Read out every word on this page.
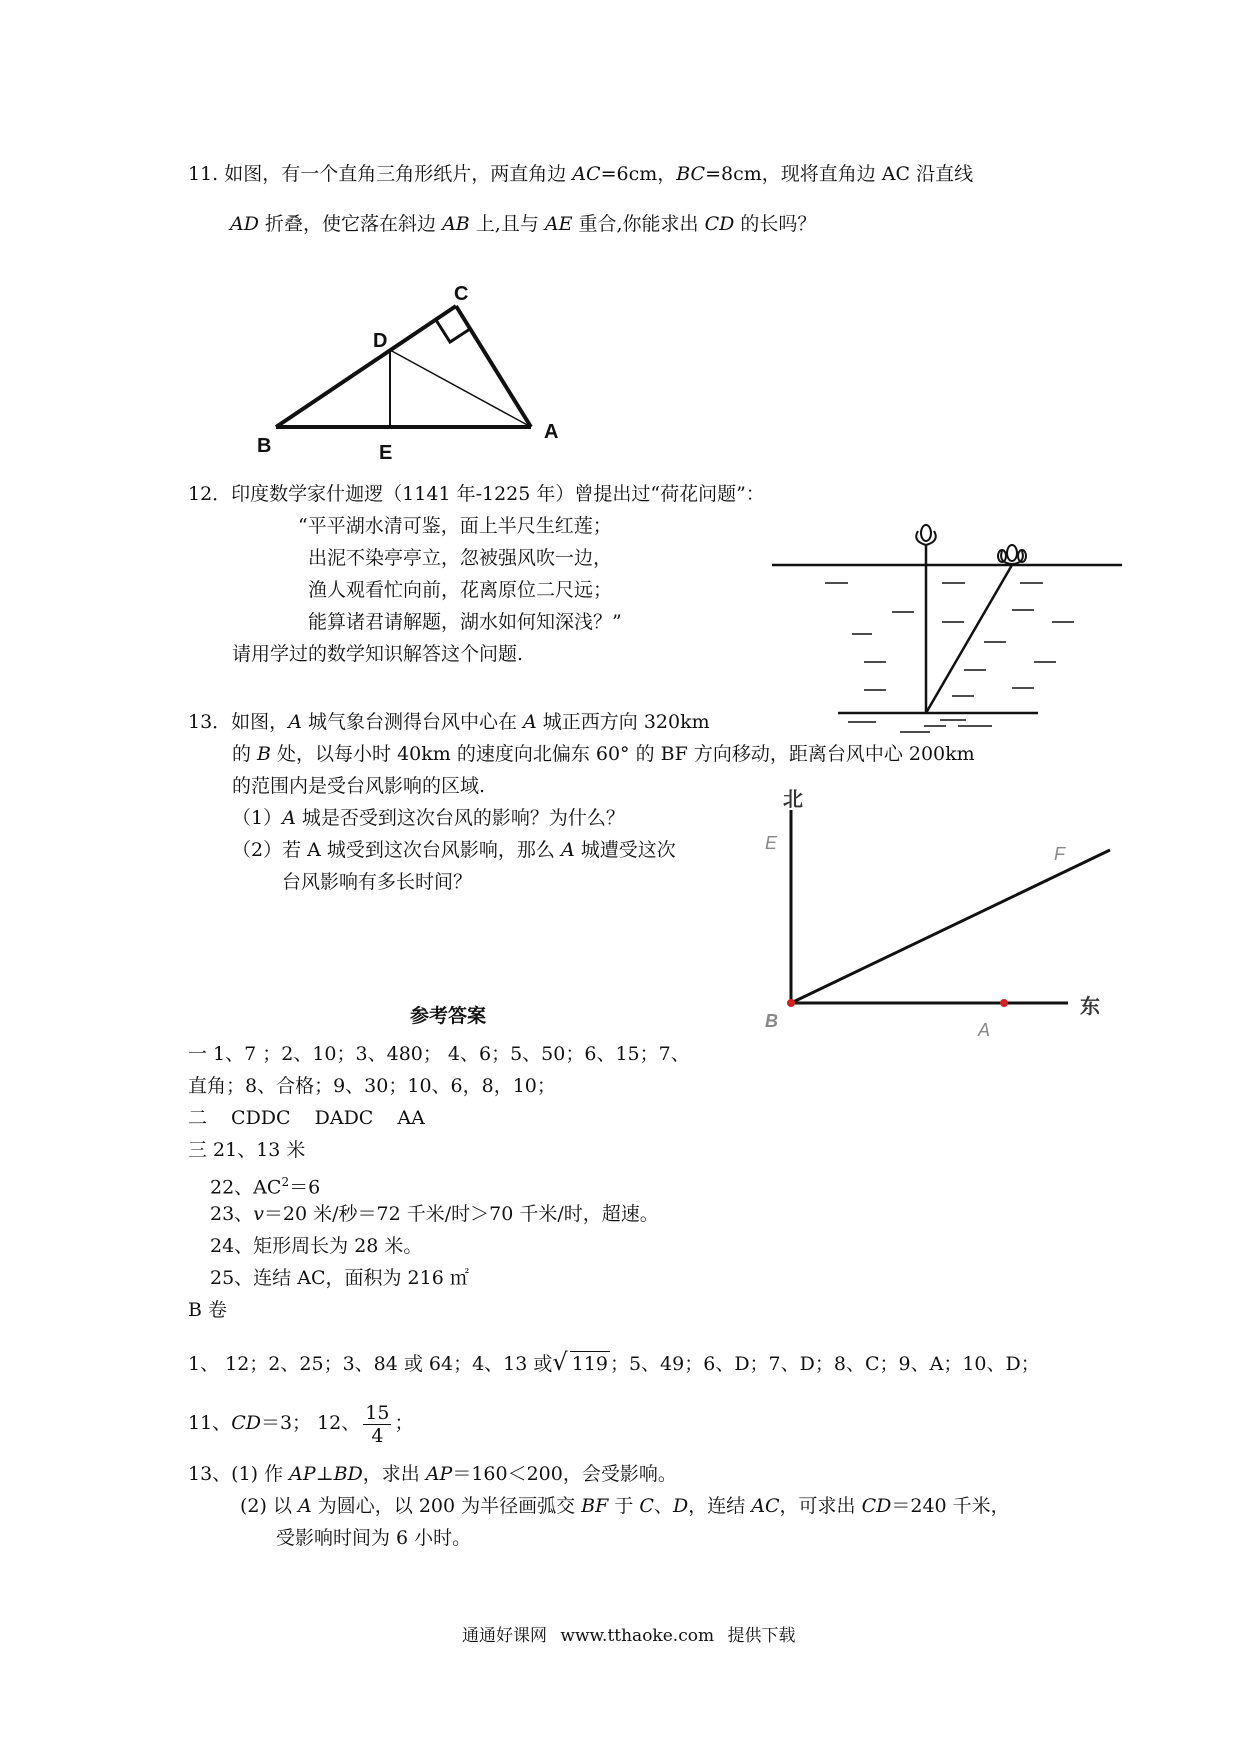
11. 如图，有一个直角三角形纸片，两直角边 AC=6cm，BC=8cm，现将直角边 AC 沿直线
AD 折叠，使它落在斜边 AB 上,且与 AE 重合,你能求出 CD 的长吗？
C
D
B	E
A
12．印度数学家什迦逻（1141 年-1225 年）曾提出过“荷花问题”：
“平平湖水清可鉴，面上半尺生红莲；
出泥不染亭亭立，忽被强风吹一边，
渔人观看忙向前，花离原位二尺远；
能算诸君请解题，湖水如何知深浅？”
请用学过的数学知识解答这个问题.
13．如图，A 城气象台测得台风中心在 A 城正西方向 320km
的 B 处，以每小时 40km 的速度向北偏东 60° 的 BF 方向移动，距离台风中心 200km
的范围内是受台风影响的区域.
（1）A 城是否受到这次台风的影响？为什么？
（2）若 A 城受到这次台风影响，那么 A 城遭受这次
台风影响有多长时间？
北
东
E
F
B	A
参考答案
一 1、7 ；2、10；3、480； 4、6；5、50；6、15；7、
直角；8、合格；9、30；10、6，8，10；
二 CDDC DADC AA
三 21、13 米
22、$AC^2=6$
23、v＝20 米/秒＝72 千米/时＞70 千米/时，超速。
24、矩形周长为 28 米。
25、连结 AC，面积为 216 ㎡
B 卷
1、 12；2、25；3、84 或 64；4、13 或√ 119 ；5、49；6、D；7、D；8、C；9、A；10、D；
11、CD＝3； 12、 $\frac{15}{4}$ ；
13、(1) 作 AP⊥BD，求出 AP＝160＜200，会受影响。
(2) 以 A 为圆心，以 200 为半径画弧交 BF 于 C、D，连结 AC，可求出 CD＝240 千米，
受影响时间为 6 小时。
通通好课网 www.tthaoke.com 提供下载
